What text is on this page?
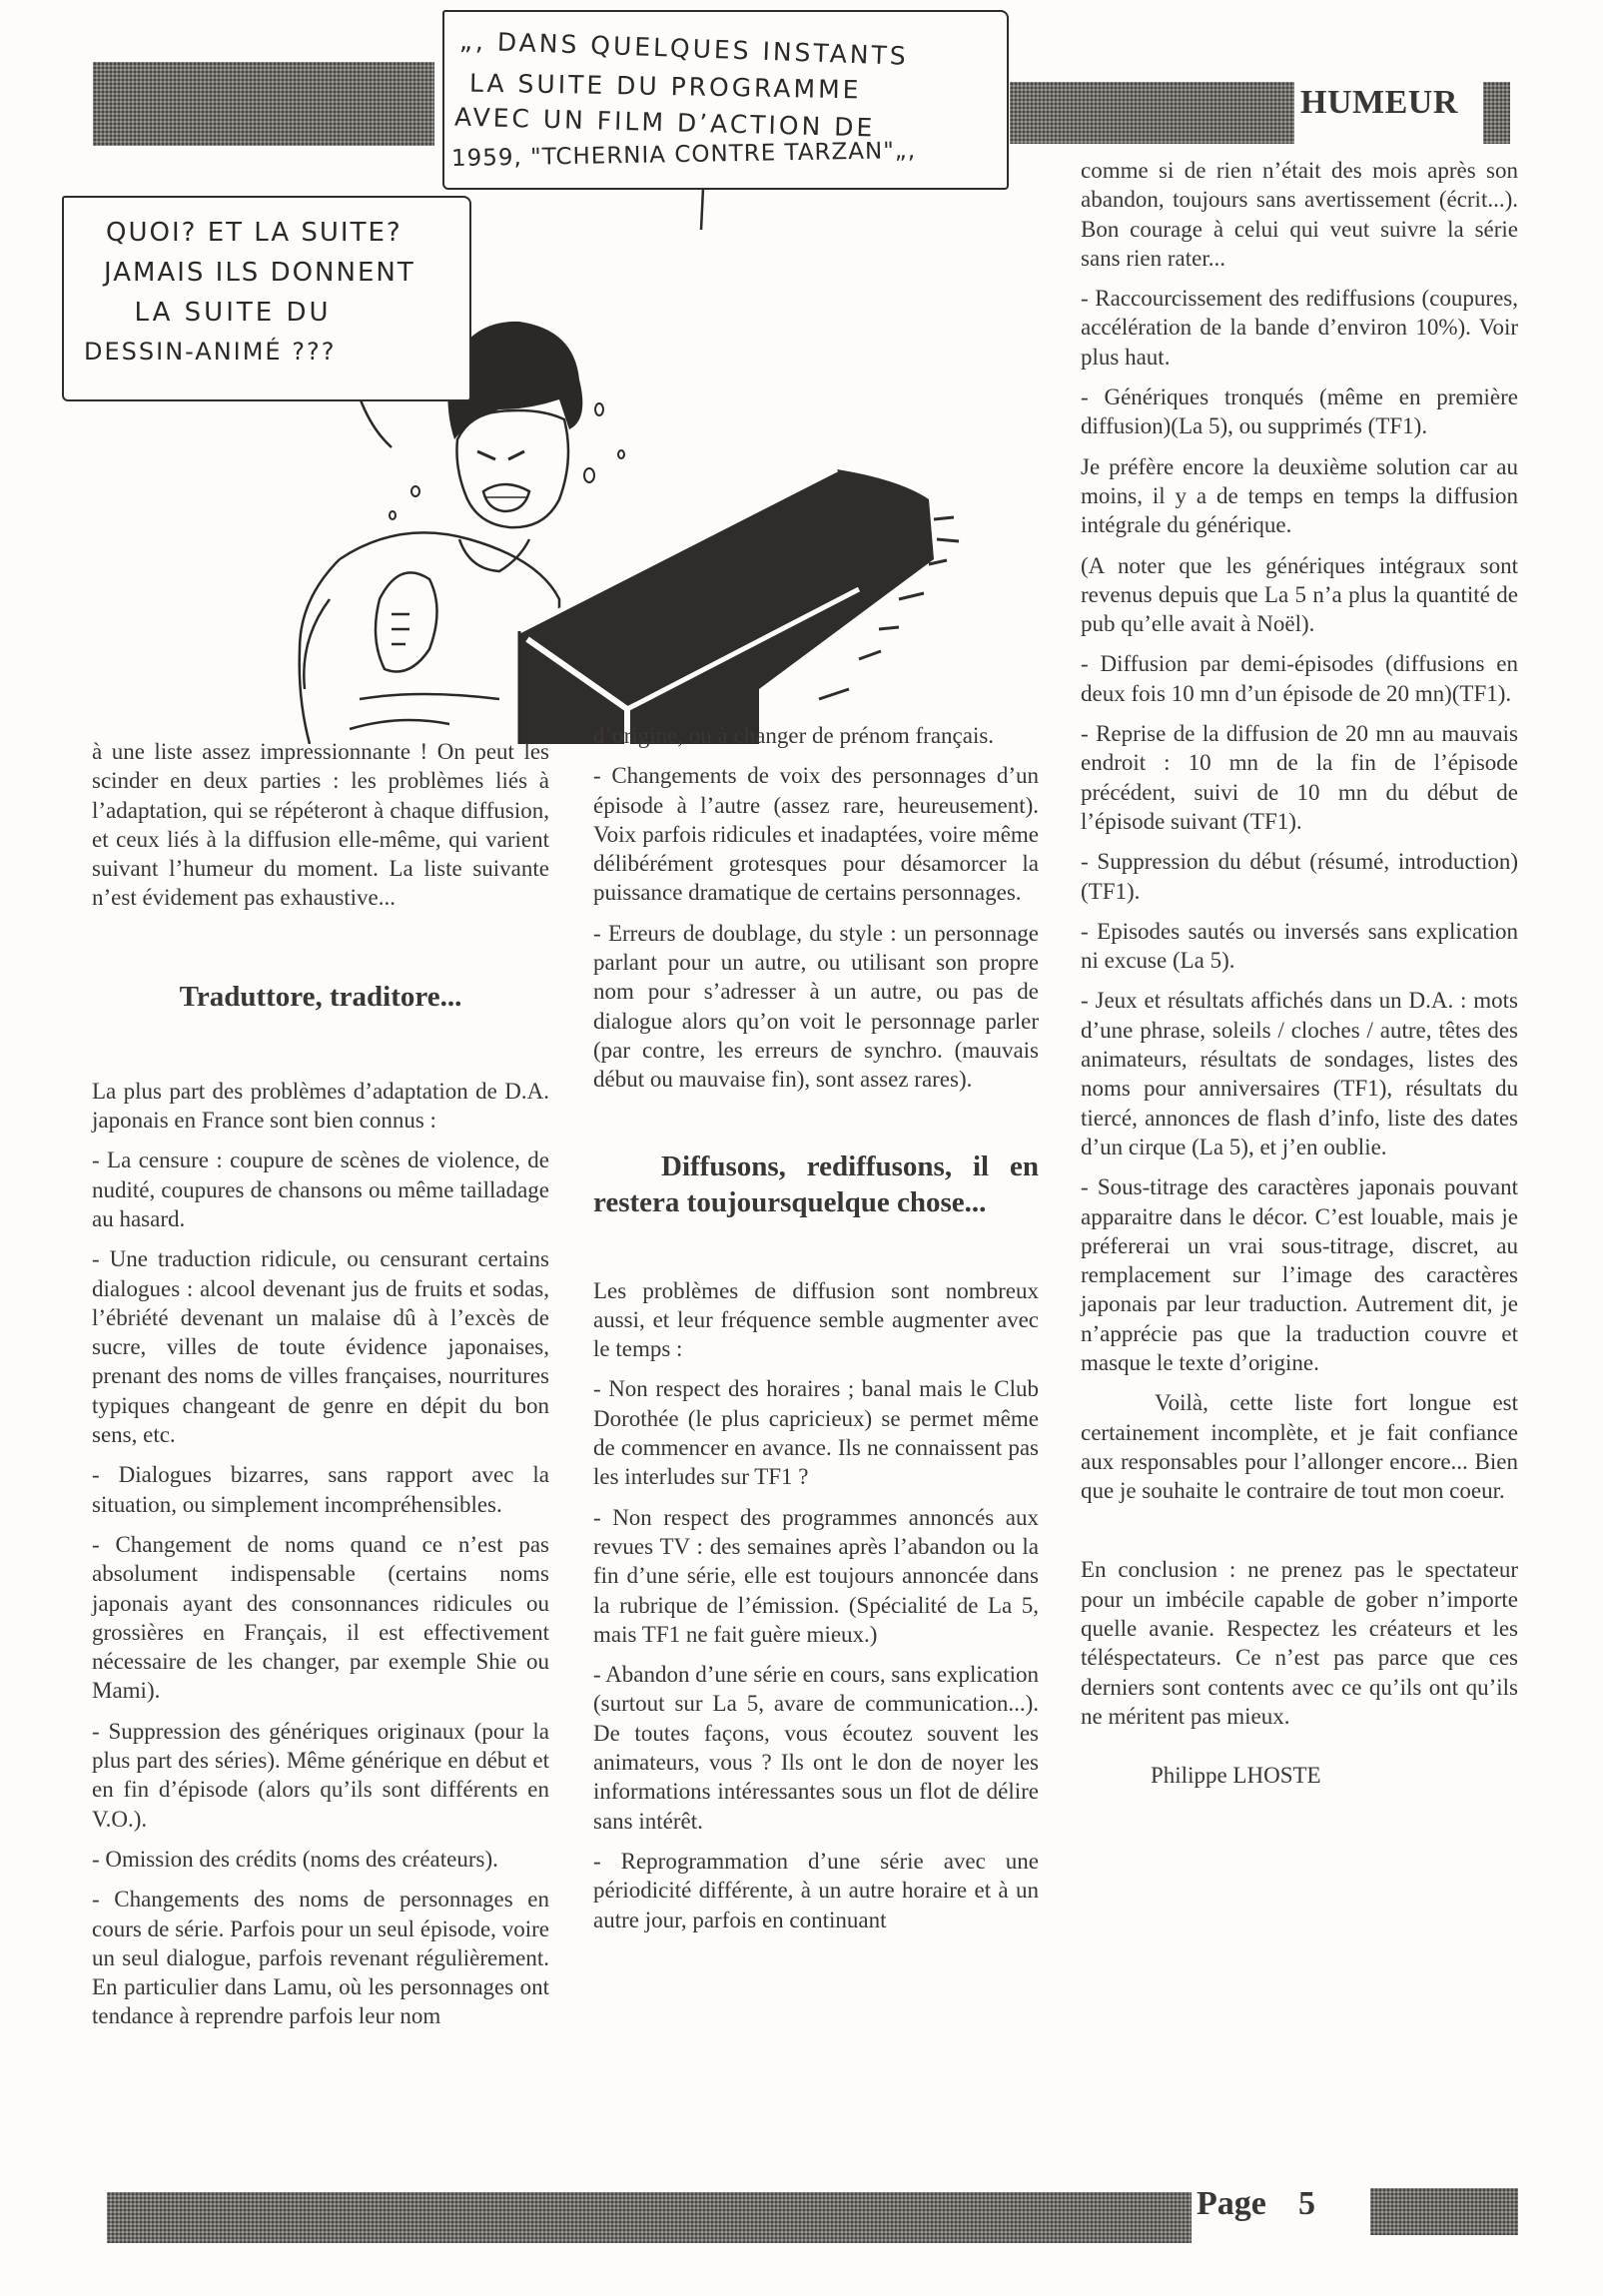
HUMEUR
„, DANS QUELQUES INSTANTS
LA SUITE DU PROGRAMME
AVEC UN FILM D’ACTION DE
1959, "TCHERNIA CONTRE TARZAN"„,
QUOI? ET LA SUITE?
JAMAIS ILS DONNENT
LA SUITE DU
DESSIN-ANIMÉ ???

à une liste assez impressionnante ! On peut les scinder en deux parties : les problèmes liés à l’adaptation, qui se répéteront à chaque diffusion, et ceux liés à la diffusion elle-même, qui varient suivant l’humeur du moment. La liste suivante n’est évidement pas exhaustive...

Traduttore, traditore...

La plus part des problèmes d’adaptation de D.A. japonais en France sont bien connus :

- La censure : coupure de scènes de violence, de nudité, coupures de chansons ou même tailladage au hasard.

- Une traduction ridicule, ou censurant certains dialogues : alcool devenant jus de fruits et sodas, l’ébriété devenant un malaise dû à l’excès de sucre, villes de toute évidence japonaises, prenant des noms de villes françaises, nourritures typiques changeant de genre en dépit du bon sens, etc.

- Dialogues bizarres, sans rapport avec la situation, ou simplement incompréhensibles.

- Changement de noms quand ce n’est pas absolument indispensable (certains noms japonais ayant des consonnances ridicules ou grossières en Français, il est effectivement nécessaire de les changer, par exemple Shie ou Mami).

- Suppression des génériques originaux (pour la plus part des séries). Même générique en début et en fin d’épisode (alors qu’ils sont différents en V.O.).

- Omission des crédits (noms des créateurs).

- Changements des noms de personnages en cours de série. Parfois pour un seul épisode, voire un seul dialogue, parfois revenant régulièrement. En particulier dans Lamu, où les personnages ont tendance à reprendre parfois leur nom

d’origine, ou à changer de prénom français.

- Changements de voix des personnages d’un épisode à l’autre (assez rare, heureusement). Voix parfois ridicules et inadaptées, voire même délibérément grotesques pour désamorcer la puissance dramatique de certains personnages.

- Erreurs de doublage, du style : un personnage parlant pour un autre, ou utilisant son propre nom pour s’adresser à un autre, ou pas de dialogue alors qu’on voit le personnage parler (par contre, les erreurs de synchro. (mauvais début ou mauvaise fin), sont assez rares).

Diffusons, rediffusons, il en restera toujoursquelque chose...

Les problèmes de diffusion sont nombreux aussi, et leur fréquence semble augmenter avec le temps :

- Non respect des horaires ; banal mais le Club Dorothée (le plus capricieux) se permet même de commencer en avance. Ils ne connaissent pas les interludes sur TF1 ?

- Non respect des programmes annoncés aux revues TV : des semaines après l’abandon ou la fin d’une série, elle est toujours annoncée dans la rubrique de l’émission. (Spécialité de La 5, mais TF1 ne fait guère mieux.)

- Abandon d’une série en cours, sans explication (surtout sur La 5, avare de communication...). De toutes façons, vous écoutez souvent les animateurs, vous ? Ils ont le don de noyer les informations intéressantes sous un flot de délire sans intérêt.

- Reprogrammation d’une série avec une périodicité différente, à un autre horaire et à un autre jour, parfois en continuant

comme si de rien n’était des mois après son abandon, toujours sans avertissement (écrit...). Bon courage à celui qui veut suivre la série sans rien rater...

- Raccourcissement des rediffusions (coupures, accélération de la bande d’environ 10%). Voir plus haut.

- Génériques tronqués (même en première diffusion)(La 5), ou supprimés (TF1).

Je préfère encore la deuxième solution car au moins, il y a de temps en temps la diffusion intégrale du générique.

(A noter que les génériques intégraux sont revenus depuis que La 5 n’a plus la quantité de pub qu’elle avait à Noël).

- Diffusion par demi-épisodes (diffusions en deux fois 10 mn d’un épisode de 20 mn)(TF1).

- Reprise de la diffusion de 20 mn au mauvais endroit : 10 mn de la fin de l’épisode précédent, suivi de 10 mn du début de l’épisode suivant (TF1).

- Suppression du début (résumé, introduction)(TF1).

- Episodes sautés ou inversés sans explication ni excuse (La 5).

- Jeux et résultats affichés dans un D.A. : mots d’une phrase, soleils / cloches / autre, têtes des animateurs, résultats de sondages, listes des noms pour anniversaires (TF1), résultats du tiercé, annonces de flash d’info, liste des dates d’un cirque (La 5), et j’en oublie.

- Sous-titrage des caractères japonais pouvant apparaitre dans le décor. C’est louable, mais je préfererai un vrai sous-titrage, discret, au remplacement sur l’image des caractères japonais par leur traduction. Autrement dit, je n’apprécie pas que la traduction couvre et masque le texte d’origine.

Voilà, cette liste fort longue est certainement incomplète, et je fait confiance aux responsables pour l’allonger encore... Bien que je souhaite le contraire de tout mon coeur.

En conclusion : ne prenez pas le spectateur pour un imbécile capable de gober n’importe quelle avanie. Respectez les créateurs et les téléspectateurs. Ce n’est pas parce que ces derniers sont contents avec ce qu’ils ont qu’ils ne méritent pas mieux.

Philippe LHOSTE

Page 5
